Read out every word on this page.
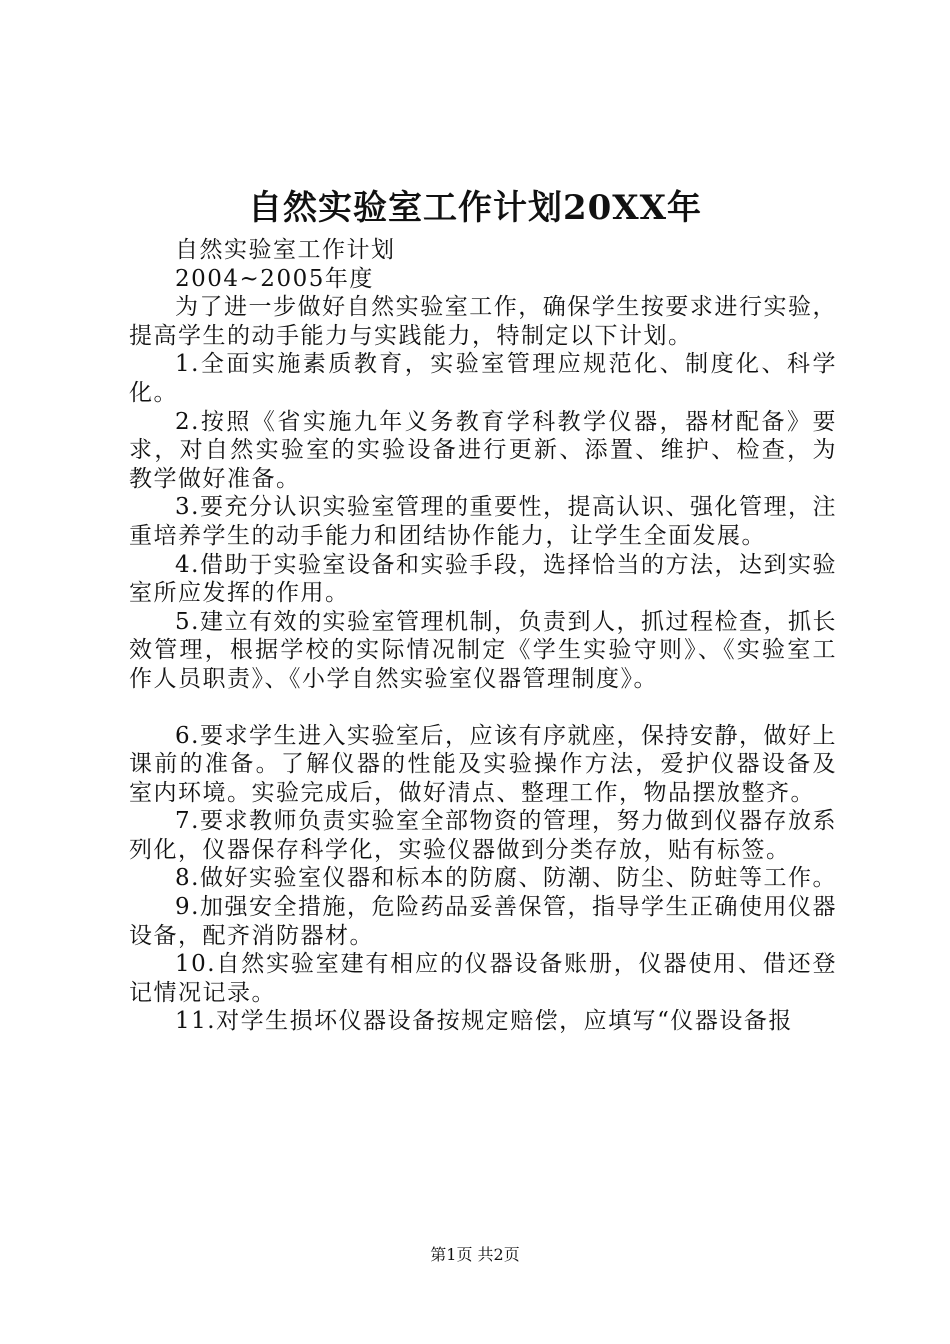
自然实验室工作计划20XX年

自然实验室工作计划

2004~2005年度

为了进一步做好自然实验室工作，确保学生按要求进行实验，提高学生的动手能力与实践能力，特制定以下计划。

1.全面实施素质教育，实验室管理应规范化、制度化、科学化。

2.按照《省实施九年义务教育学科教学仪器，器材配备》要求，对自然实验室的实验设备进行更新、添置、维护、检查，为教学做好准备。

3.要充分认识实验室管理的重要性，提高认识、强化管理，注重培养学生的动手能力和团结协作能力，让学生全面发展。

4.借助于实验室设备和实验手段，选择恰当的方法，达到实验室所应发挥的作用。

5.建立有效的实验室管理机制，负责到人，抓过程检查，抓长效管理，根据学校的实际情况制定《学生实验守则》、《实验室工作人员职责》、《小学自然实验室仪器管理制度》。

6.要求学生进入实验室后，应该有序就座，保持安静，做好上课前的准备。了解仪器的性能及实验操作方法，爱护仪器设备及室内环境。实验完成后，做好清点、整理工作，物品摆放整齐。

7.要求教师负责实验室全部物资的管理，努力做到仪器存放系列化，仪器保存科学化，实验仪器做到分类存放，贴有标签。

8.做好实验室仪器和标本的防腐、防潮、防尘、防蛀等工作。

9.加强安全措施，危险药品妥善保管，指导学生正确使用仪器设备，配齐消防器材。

10.自然实验室建有相应的仪器设备账册，仪器使用、借还登记情况记录。

11.对学生损坏仪器设备按规定赔偿，应填写“仪器设备报

第1页 共2页
